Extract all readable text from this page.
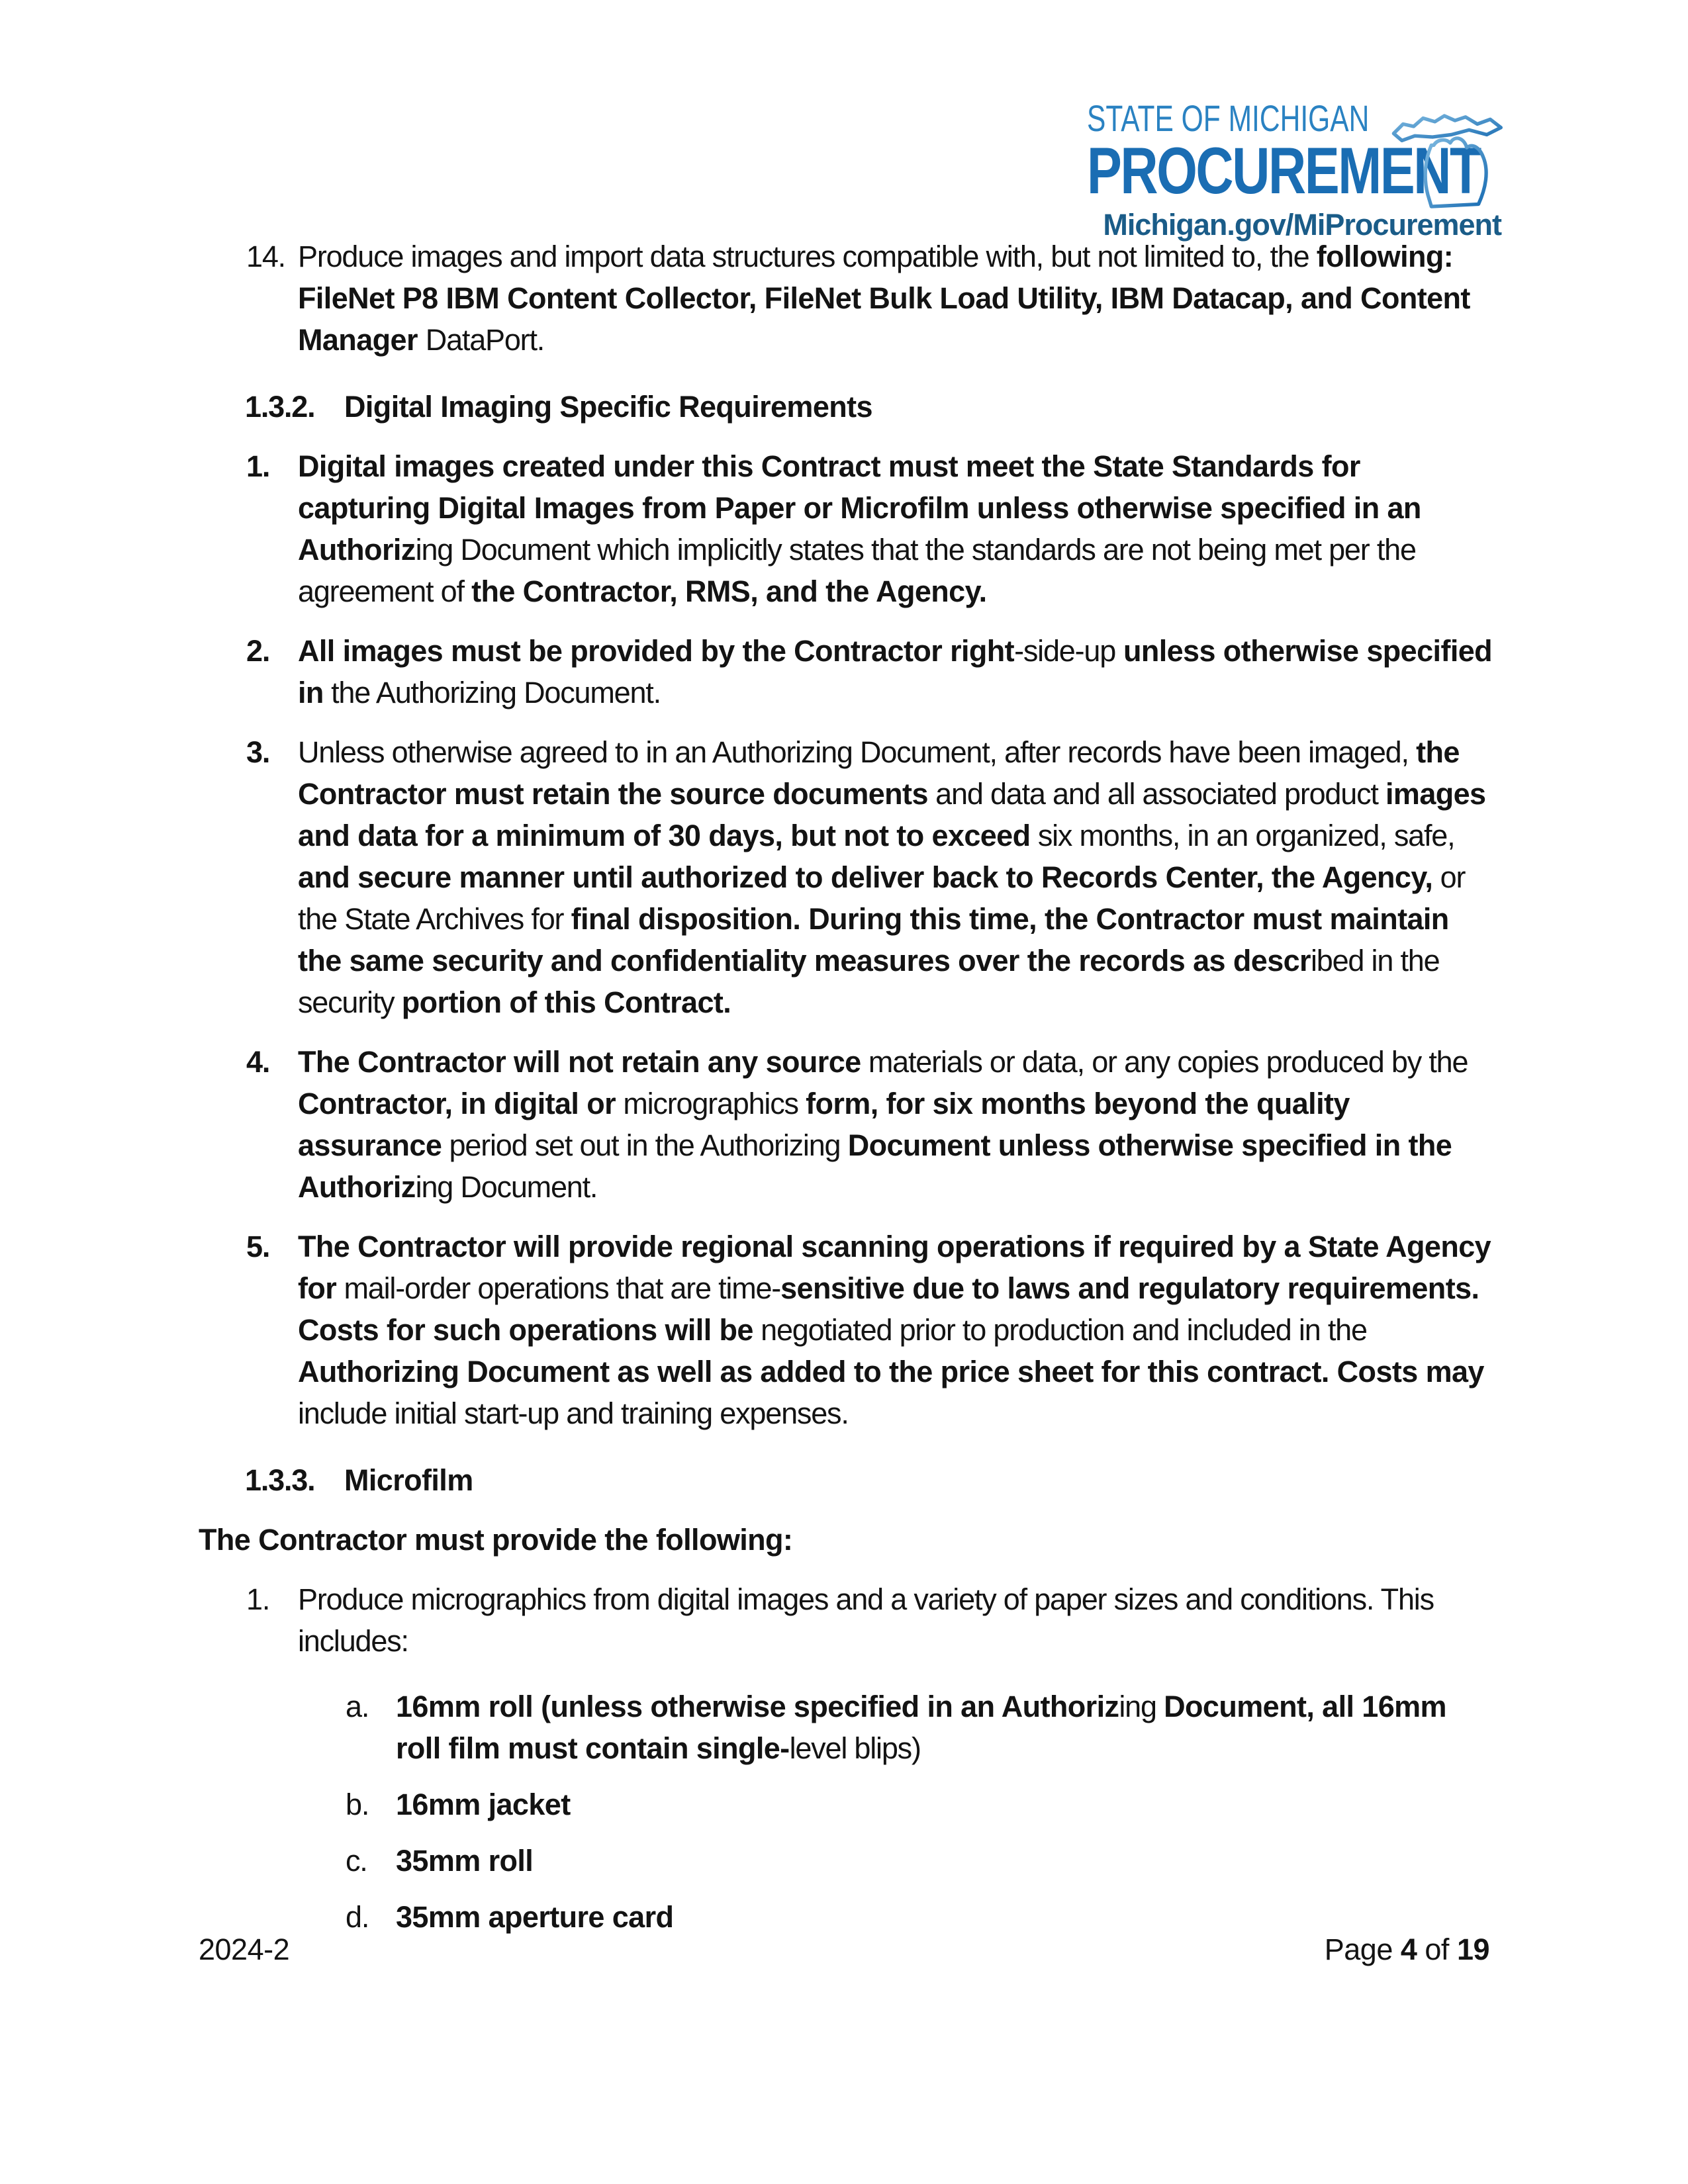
STATE OF MICHIGAN
PROCUREMENT
Michigan.gov/MiProcurement
14. Produce images and import data structures compatible with, but not limited to, the following: FileNet P8 IBM Content Collector, FileNet Bulk Load Utility, IBM Datacap, and Content Manager DataPort.
1.3.2. Digital Imaging Specific Requirements
1. Digital images created under this Contract must meet the State Standards for capturing Digital Images from Paper or Microfilm unless otherwise specified in an Authorizing Document which implicitly states that the standards are not being met per the agreement of the Contractor, RMS, and the Agency.
2. All images must be provided by the Contractor right-side-up unless otherwise specified in the Authorizing Document.
3. Unless otherwise agreed to in an Authorizing Document, after records have been imaged, the Contractor must retain the source documents and data and all associated product images and data for a minimum of 30 days, but not to exceed six months, in an organized, safe, and secure manner until authorized to deliver back to Records Center, the Agency, or the State Archives for final disposition. During this time, the Contractor must maintain the same security and confidentiality measures over the records as described in the security portion of this Contract.
4. The Contractor will not retain any source materials or data, or any copies produced by the Contractor, in digital or micrographics form, for six months beyond the quality assurance period set out in the Authorizing Document unless otherwise specified in the Authorizing Document.
5. The Contractor will provide regional scanning operations if required by a State Agency for mail-order operations that are time-sensitive due to laws and regulatory requirements. Costs for such operations will be negotiated prior to production and included in the Authorizing Document as well as added to the price sheet for this contract. Costs may include initial start-up and training expenses.
1.3.3. Microfilm
The Contractor must provide the following:
1. Produce micrographics from digital images and a variety of paper sizes and conditions. This includes:
a. 16mm roll (unless otherwise specified in an Authorizing Document, all 16mm roll film must contain single-level blips)
b. 16mm jacket
c. 35mm roll
d. 35mm aperture card
2024-2	Page 4 of 19
